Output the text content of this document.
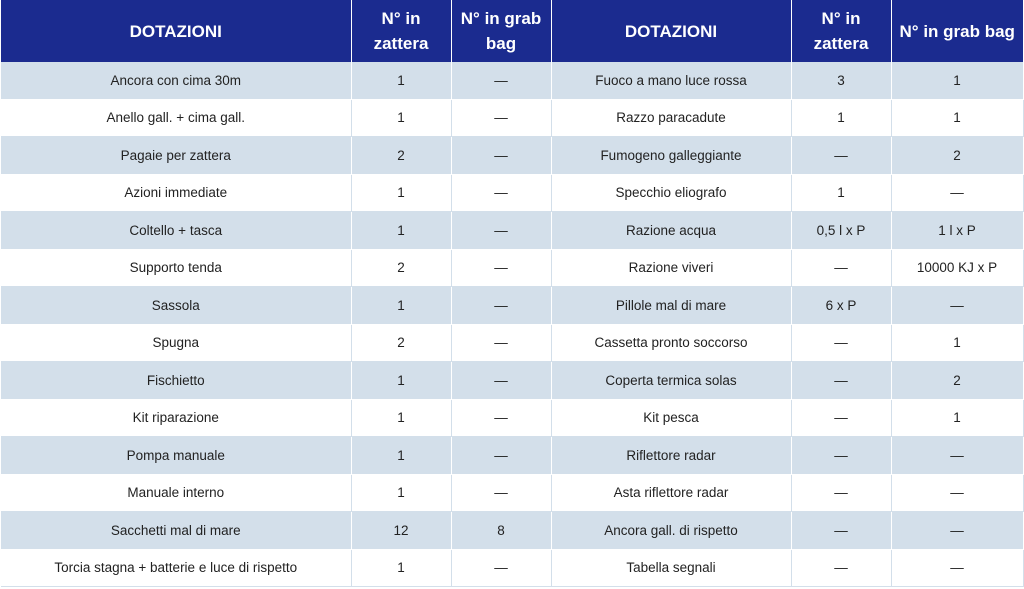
DOTAZIONI	N° in zattera	N° in grab bag	DOTAZIONI	N° in zattera	N° in grab bag
Ancora con cima 30m	1	—	Fuoco a mano luce rossa	3	1
Anello gall. + cima gall.	1	—	Razzo paracadute	1	1
Pagaie per zattera	2	—	Fumogeno galleggiante	—	2
Azioni immediate	1	—	Specchio eliografo	1	—
Coltello + tasca	1	—	Razione acqua	0,5 l x P	1 l x P
Supporto tenda	2	—	Razione viveri	—	10000 KJ x P
Sassola	1	—	Pillole mal di mare	6 x P	—
Spugna	2	—	Cassetta pronto soccorso	—	1
Fischietto	1	—	Coperta termica solas	—	2
Kit riparazione	1	—	Kit pesca	—	1
Pompa manuale	1	—	Riflettore radar	—	—
Manuale interno	1	—	Asta riflettore radar	—	—
Sacchetti mal di mare	12	8	Ancora gall. di rispetto	—	—
Torcia stagna + batterie e luce di rispetto	1	—	Tabella segnali	—	—
